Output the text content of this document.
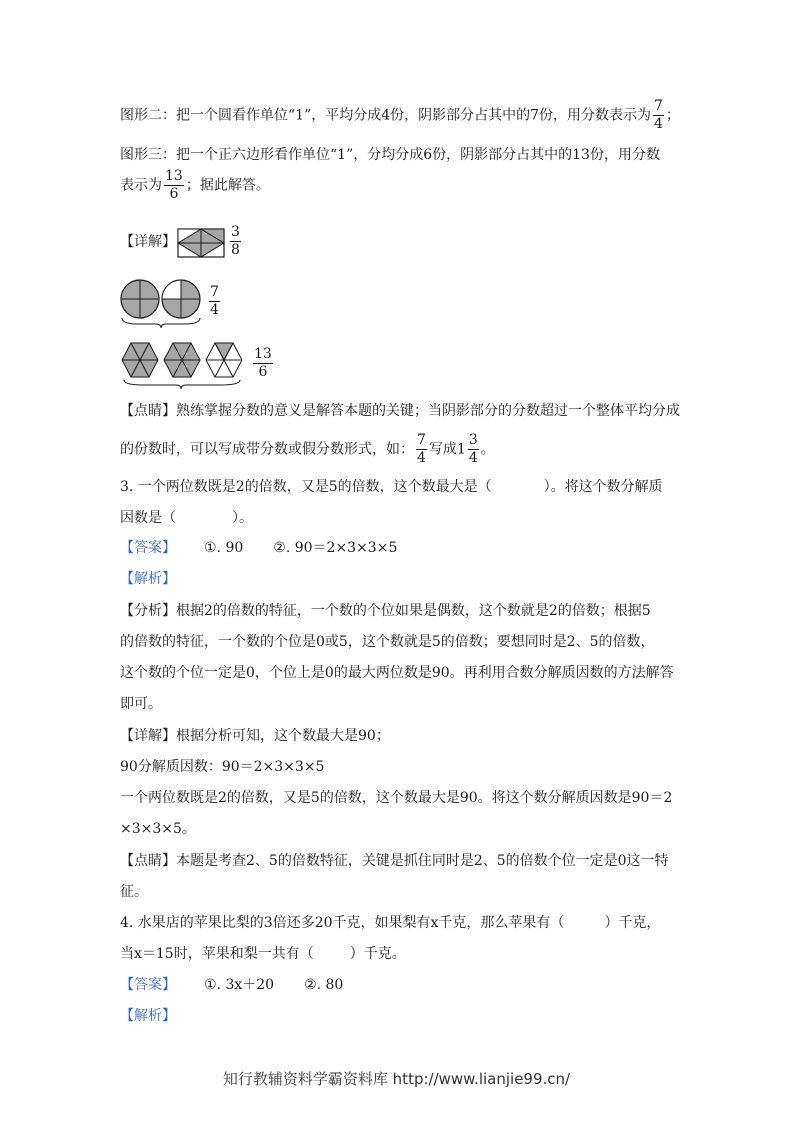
图形二：把一个圆看作单位“1”，平均分成4份，阴影部分占其中的7份，用分数表示为 $\frac{7}{4}$ ；
图形三：把一个正六边形看作单位“1”，分均分成6份，阴影部分占其中的13份，用分数
表示为 $\frac{13}{6}$ ；据此解答。
【详解】	$\frac{3}{8}$
$\frac{7}{4}$
$\frac{13}{6}$
【点睛】熟练掌握分数的意义是解答本题的关键；当阴影部分的分数超过一个整体平均分成
的份数时，可以写成带分数或假分数形式，如： $\frac{7}{4}$ 写成$1 \frac{3}{4}$ 。
3. 一个两位数既是2的倍数，又是5的倍数，这个数最大是（	）。将这个数分解质
因数是（	）。
【答案】 ①. 90 ②. 90＝2×3×3×5
【解析】
【分析】根据2的倍数的特征，一个数的个位如果是偶数，这个数就是2的倍数；根据5
的倍数的特征，一个数的个位是0或5，这个数就是5的倍数；要想同时是2、5的倍数，
这个数的个位一定是0，个位上是0的最大两位数是90。再利用合数分解质因数的方法解答
即可。
【详解】根据分析可知，这个数最大是90；
90分解质因数：90＝2×3×3×5
一个两位数既是2的倍数，又是5的倍数，这个数最大是90。将这个数分解质因数是90＝2
×3×3×5。
【点睛】本题是考查2、5的倍数特征，关键是抓住同时是2、5的倍数个位一定是0这一特
征。
4. 水果店的苹果比梨的3倍还多20千克，如果梨有x千克，那么苹果有（	）千克，
当x＝15时，苹果和梨一共有（	）千克。
【答案】 ①. 3x＋20 ②. 80
【解析】
知行教辅资料学霸资料库 http://www.lianjie99.cn/
